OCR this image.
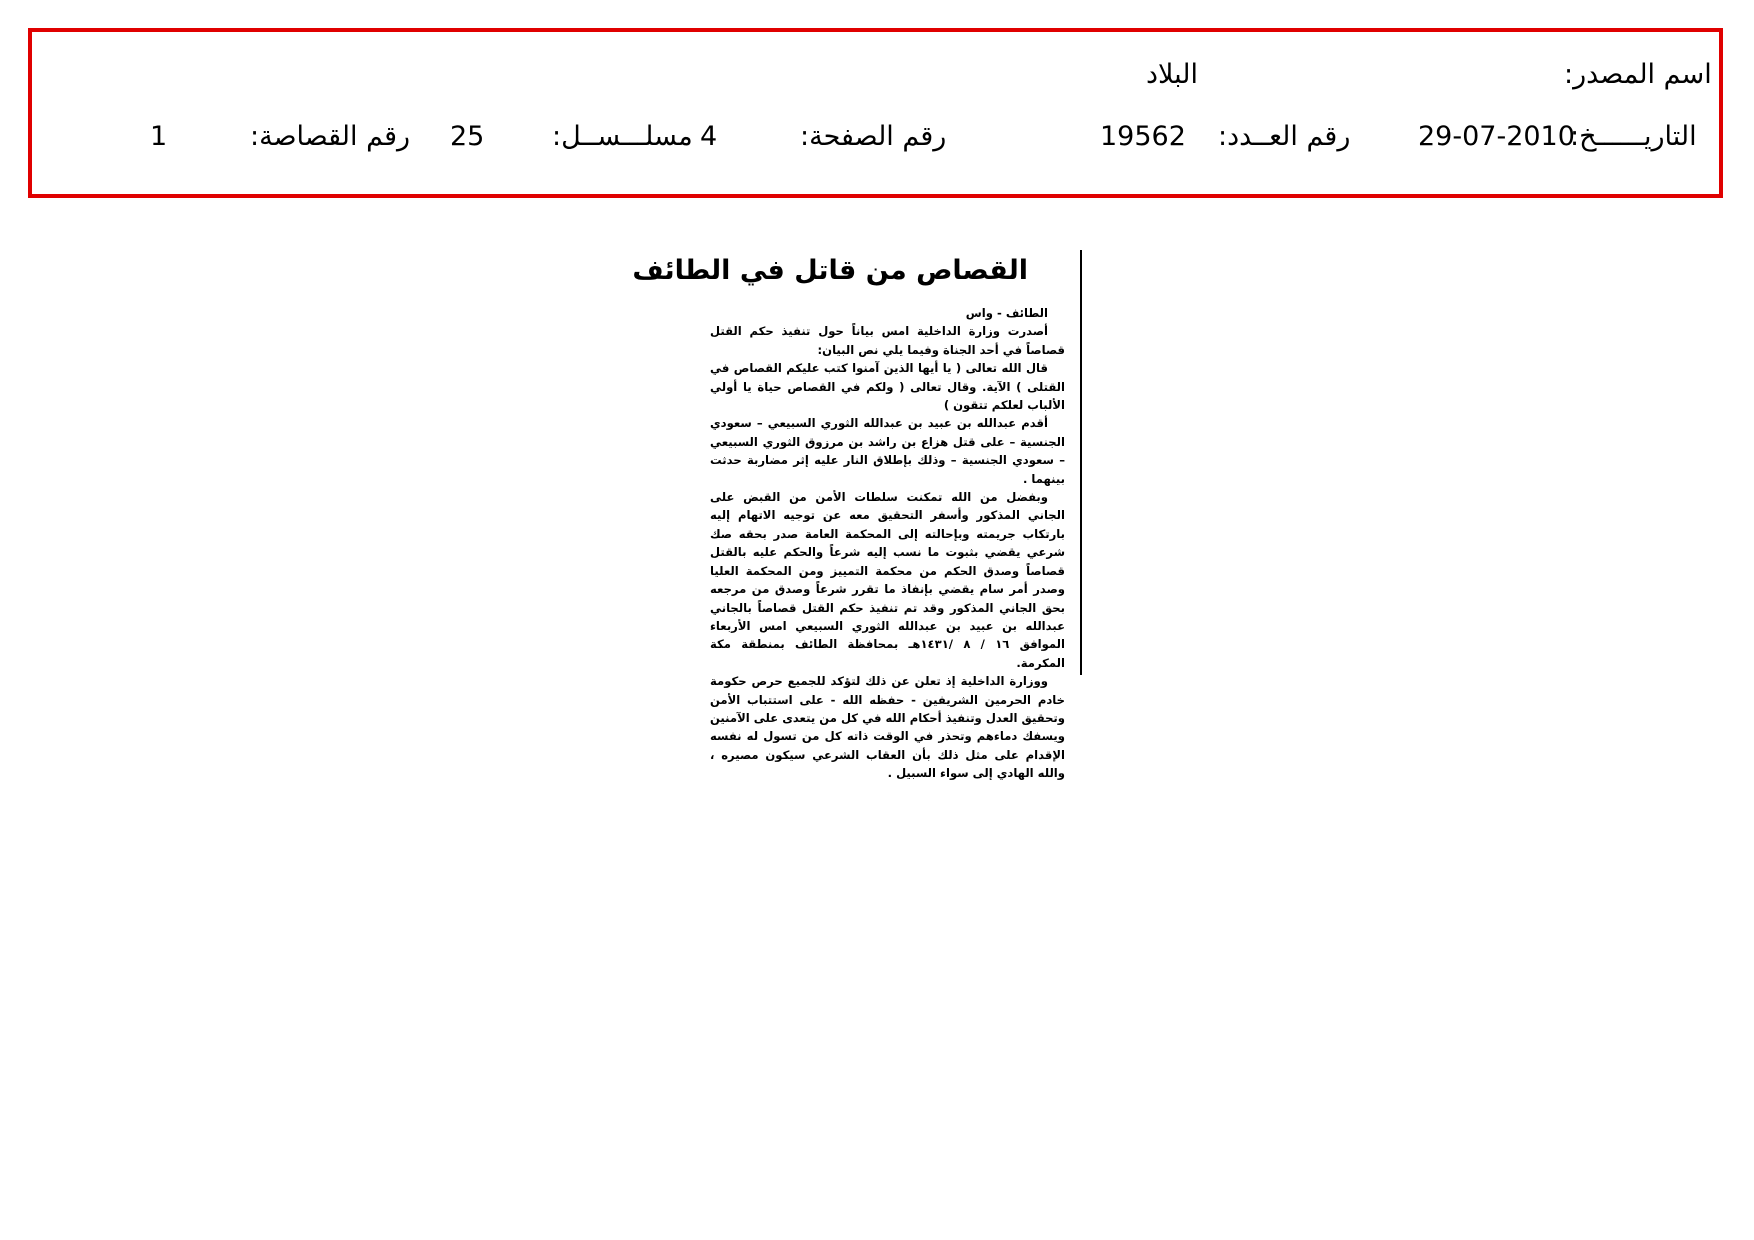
اسم المصدر:
البلاد
التاريــــــخ:
29-07-2010
رقم العــدد:
19562
رقم الصفحة:
4
مسلـــســل:
25
رقم القصاصة:
1
القصاص من قاتل في الطائف

الطائف - واس

أصدرت وزارة الداخلية امس بياناً حول تنفيذ حكم القتل قصاصاً في أحد الجناة وفيما يلي نص البيان:

قال الله تعالى ( يا أيها الذين آمنوا كتب عليكم القصاص في القتلى ) الآية. وقال تعالى ( ولكم في القصاص حياة يا أولي الألباب لعلكم تتقون )

أقدم عبدالله بن عبيد بن عبدالله الثوري السبيعي – سعودي الجنسية – على قتل هزاع بن راشد بن مرزوق الثوري السبيعي – سعودي الجنسية – وذلك بإطلاق النار عليه إثر مضاربة حدثت بينهما .

وبفضل من الله تمكنت سلطات الأمن من القبض على الجاني المذكور وأسفر التحقيق معه عن توجيه الاتهام إليه بارتكاب جريمته وبإحالته إلى المحكمة العامة صدر بحقه صك شرعي يقضي بثبوت ما نسب إليه شرعاً والحكم عليه بالقتل قصاصاً وصدق الحكم من محكمة التمييز ومن المحكمة العليا وصدر أمر سام يقضي بإنفاذ ما تقرر شرعاً وصدق من مرجعه بحق الجاني المذكور وقد تم تنفيذ حكم القتل قصاصاً بالجاني عبدالله بن عبيد بن عبدالله الثوري السبيعي امس الأربعاء الموافق ١٦ / ٨ /١٤٣١هـ بمحافظة الطائف بمنطقة مكة المكرمة.

ووزارة الداخلية إذ تعلن عن ذلك لتؤكد للجميع حرص حكومة خادم الحرمين الشريفين - حفظه الله - على استتباب الأمن وتحقيق العدل وتنفيذ أحكام الله في كل من يتعدى على الآمنين ويسفك دماءهم وتحذر في الوقت ذاته كل من تسول له نفسه الإقدام على مثل ذلك بأن العقاب الشرعي سيكون مصيره ، والله الهادي إلى سواء السبيل .
